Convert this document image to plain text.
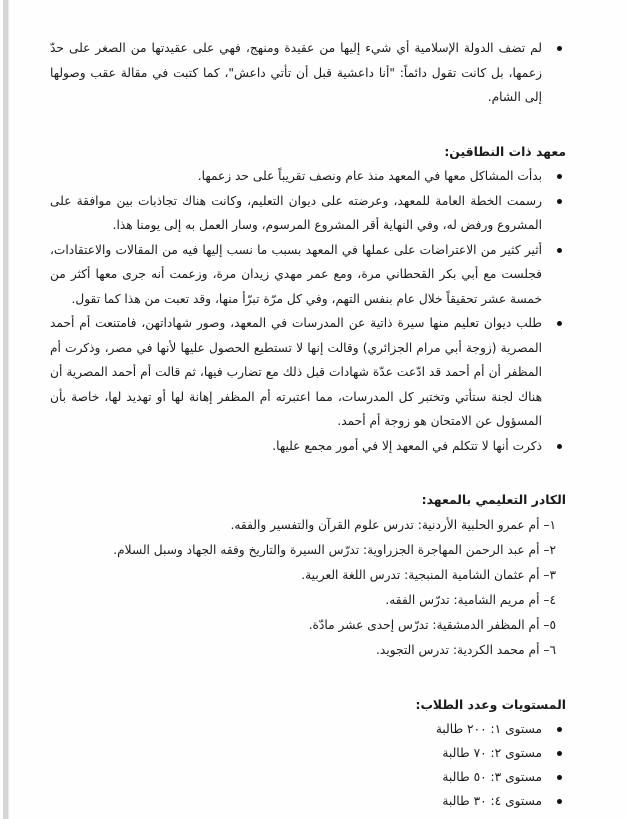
لم تضف الدولة الإسلامية أي شيء إليها من عقيدة ومنهج، فهي على عقيدتها من الصغر على حدّ زعمها، بل كانت تقول دائماً: "أنا داعشية قبل أن تأتي داعش"، كما كتبت في مقالة عقب وصولها إلى الشام.

معهد ذات النطاقين:

بدأت المشاكل معها في المعهد منذ عام ونصف تقريباً على حد زعمها.
رسمت الخطة العامة للمعهد، وعرضته على ديوان التعليم، وكانت هناك تجاذبات بين موافقة على المشروع ورفض له، وفي النهاية أقر المشروع المرسوم، وسار العمل به إلى يومنا هذا.
أثير كثير من الاعتراضات على عملها في المعهد بسبب ما نسب إليها فيه من المقالات والاعتقادات، فجلست مع أبي بكر القحطاني مرة، ومع عمر مهدي زيدان مرة، وزعمت أنه جرى معها أكثر من خمسة عشر تحقيقاً خلال عام بنفس التهم، وفي كل مرّة تبرّأ منها، وقد تعبت من هذا كما تقول.
طلب ديوان تعليم منها سيرة ذاتية عن المدرسات في المعهد، وصور شهاداتهن، فامتنعت أم أحمد المصرية (زوجة أبي مرام الجزائري) وقالت إنها لا تستطيع الحصول عليها لأنها في مصر، وذكرت أم المظفر أن أم أحمد قد ادّعت عدّة شهادات قبل ذلك مع تضارب فيها، ثم قالت أم أحمد المصرية أن هناك لجنة ستأتي وتختبر كل المدرسات، مما اعتبرته أم المظفر إهانة لها أو تهديد لها، خاصة بأن المسؤول عن الامتحان هو زوجة أم أحمد.
ذكرت أنها لا تتكلم في المعهد إلا في أمور مجمع عليها.

الكادر التعليمي بالمعهد:

١– أم عمرو الحلبية الأردنية: تدرس علوم القرآن والتفسير والفقه.
٢– أم عبد الرحمن المهاجرة الجزراوية: تدرّس السيرة والتاريخ وفقه الجهاد وسبل السلام.
٣– أم عثمان الشامية المنبجية: تدرس اللغة العربية.
٤– أم مريم الشامية: تدرّس الفقه.
٥– أم المظفر الدمشقية: تدرّس إحدى عشر مادّة.
٦– أم محمد الكردية: تدرس التجويد.

المستويات وعدد الطلاب:

مستوى ١: ٢٠٠ طالبة
مستوى ٢: ٧٠ طالبة
مستوى ٣: ٥٠ طالبة
مستوى ٤: ٣٠ طالبة
